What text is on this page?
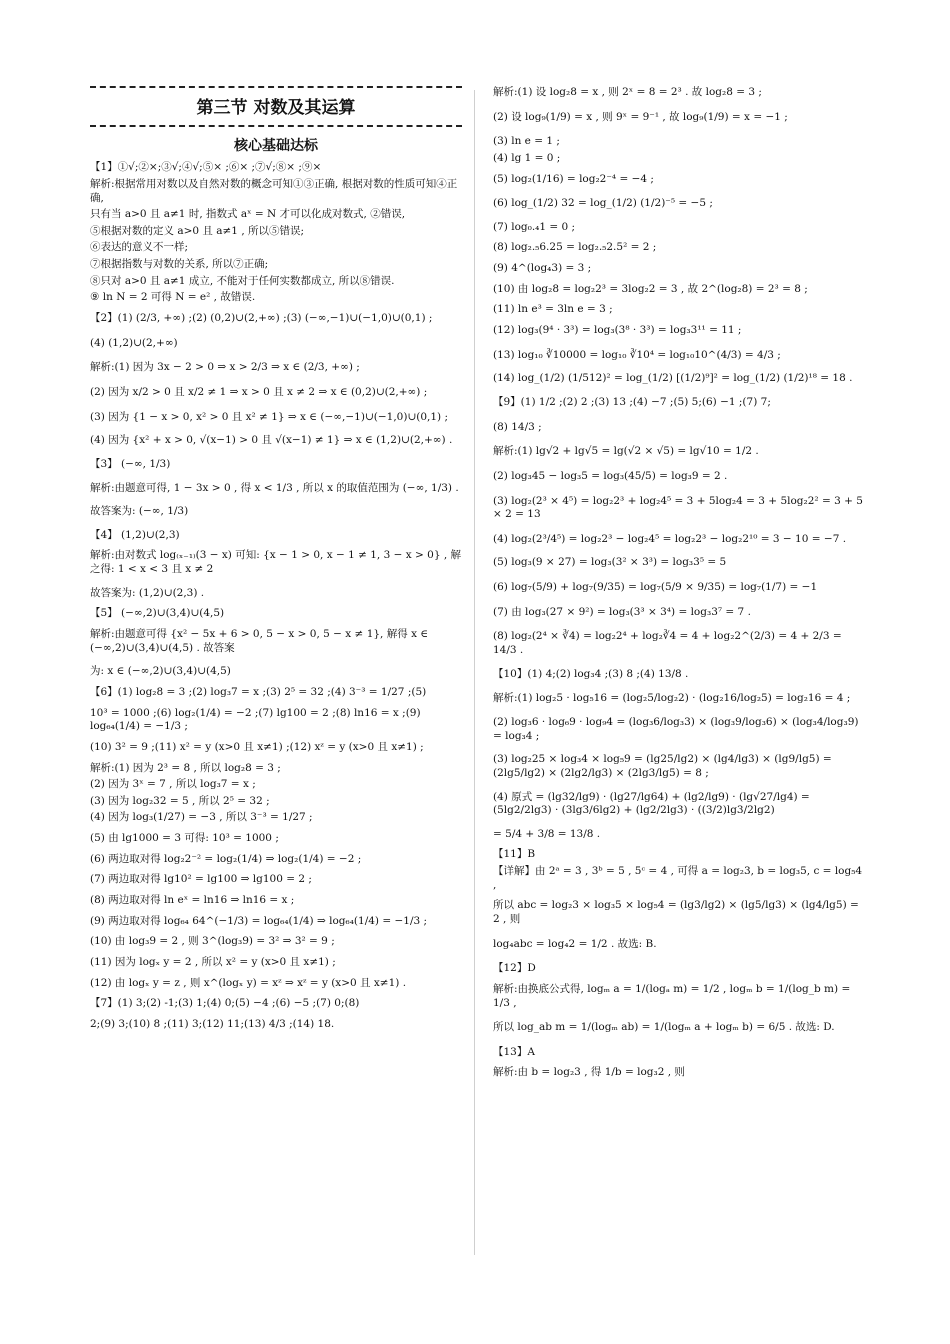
第三节 对数及其运算
核心基础达标
【1】①√;②×;③√;④√;⑤× ;⑥× ;⑦√;⑧× ;⑨×
解析:根据常用对数以及自然对数的概念可知①③正确, 根据对数的性质可知④正确,
只有当 a>0 且 a≠1 时, 指数式 aˣ = N 才可以化成对数式, ②错误,
⑤根据对数的定义 a>0 且 a≠1 , 所以⑤错误;
⑥表达的意义不一样;
⑦根据指数与对数的关系, 所以⑦正确;
⑧只对 a>0 且 a≠1 成立, 不能对于任何实数都成立, 所以⑧错误.
⑨ ln N = 2 可得 N = e² , 故错误.
【2】(1) (2/3, +∞) ;(2) (0,2)∪(2,+∞) ;(3) (−∞,−1)∪(−1,0)∪(0,1) ;
(4) (1,2)∪(2,+∞)
解析:(1) 因为 3x − 2 > 0 ⇒ x > 2/3 ⇒ x ∈ (2/3, +∞) ;
(2) 因为 x/2 > 0 且 x/2 ≠ 1 ⇒ x > 0 且 x ≠ 2 ⇒ x ∈ (0,2)∪(2,+∞) ;
(3) 因为 {1 − x > 0, x² > 0 且 x² ≠ 1} ⇒ x ∈ (−∞,−1)∪(−1,0)∪(0,1) ;
(4) 因为 {x² + x > 0, √(x−1) > 0 且 √(x−1) ≠ 1} ⇒ x ∈ (1,2)∪(2,+∞) .
【3】 (−∞, 1/3)
解析:由题意可得, 1 − 3x > 0 , 得 x < 1/3 , 所以 x 的取值范围为 (−∞, 1/3) .
故答案为: (−∞, 1/3)
【4】 (1,2)∪(2,3)
解析:由对数式 log₍ₓ₋₁₎(3 − x) 可知: {x − 1 > 0, x − 1 ≠ 1, 3 − x > 0} , 解之得: 1 < x < 3 且 x ≠ 2
故答案为: (1,2)∪(2,3) .
【5】 (−∞,2)∪(3,4)∪(4,5)
解析:由题意可得 {x² − 5x + 6 > 0, 5 − x > 0, 5 − x ≠ 1}, 解得 x ∈ (−∞,2)∪(3,4)∪(4,5) . 故答案
为: x ∈ (−∞,2)∪(3,4)∪(4,5)
【6】(1) log₂8 = 3 ;(2) log₃7 = x ;(3) 2⁵ = 32 ;(4) 3⁻³ = 1/27 ;(5)
10³ = 1000 ;(6) log₂(1/4) = −2 ;(7) lg100 = 2 ;(8) ln16 = x ;(9) log₆₄(1/4) = −1/3 ;
(10) 3² = 9 ;(11) x² = y (x>0 且 x≠1) ;(12) xᶻ = y (x>0 且 x≠1) ;
解析:(1) 因为 2³ = 8 , 所以 log₂8 = 3 ;
(2) 因为 3ˣ = 7 , 所以 log₃7 = x ;
(3) 因为 log₂32 = 5 , 所以 2⁵ = 32 ;
(4) 因为 log₃(1/27) = −3 , 所以 3⁻³ = 1/27 ;
(5) 由 lg1000 = 3 可得: 10³ = 1000 ;
(6) 两边取对得 log₂2⁻² = log₂(1/4) ⇒ log₂(1/4) = −2 ;
(7) 两边取对得 lg10² = lg100 ⇒ lg100 = 2 ;
(8) 两边取对得 ln eˣ = ln16 ⇒ ln16 = x ;
(9) 两边取对得 log₆₄ 64^(−1/3) = log₆₄(1/4) ⇒ log₆₄(1/4) = −1/3 ;
(10) 由 log₃9 = 2 , 则 3^(log₃9) = 3² ⇒ 3² = 9 ;
(11) 因为 logₓ y = 2 , 所以 x² = y (x>0 且 x≠1) ;
(12) 由 logₓ y = z , 则 x^(logₓ y) = xᶻ ⇒ xᶻ = y (x>0 且 x≠1) .
【7】(1) 3;(2) -1;(3) 1;(4) 0;(5) −4 ;(6) −5 ;(7) 0;(8)
2;(9) 3;(10) 8 ;(11) 3;(12) 11;(13) 4/3 ;(14) 18.
解析:(1) 设 log₂8 = x , 则 2ˣ = 8 = 2³ . 故 log₂8 = 3 ;
(2) 设 log₉(1/9) = x , 则 9ˣ = 9⁻¹ , 故 log₉(1/9) = x = −1 ;
(3) ln e = 1 ;
(4) lg 1 = 0 ;
(5) log₂(1/16) = log₂2⁻⁴ = −4 ;
(6) log_(1/2) 32 = log_(1/2) (1/2)⁻⁵ = −5 ;
(7) log₀.₄1 = 0 ;
(8) log₂.₅6.25 = log₂.₅2.5² = 2 ;
(9) 4^(log₄3) = 3 ;
(10) 由 log₂8 = log₂2³ = 3log₂2 = 3 , 故 2^(log₂8) = 2³ = 8 ;
(11) ln e³ = 3ln e = 3 ;
(12) log₃(9⁴ · 3³) = log₃(3⁸ · 3³) = log₃3¹¹ = 11 ;
(13) log₁₀ ∛10000 = log₁₀ ∛10⁴ = log₁₀10^(4/3) = 4/3 ;
(14) log_(1/2) (1/512)² = log_(1/2) [(1/2)⁹]² = log_(1/2) (1/2)¹⁸ = 18 .
【9】(1) 1/2 ;(2) 2 ;(3) 13 ;(4) −7 ;(5) 5;(6) −1 ;(7) 7;
(8) 14/3 ;
解析:(1) lg√2 + lg√5 = lg(√2 × √5) = lg√10 = 1/2 .
(2) log₃45 − log₃5 = log₃(45/5) = log₃9 = 2 .
(3) log₂(2³ × 4⁵) = log₂2³ + log₂4⁵ = 3 + 5log₂4 = 3 + 5log₂2² = 3 + 5 × 2 = 13
(4) log₂(2³/4⁵) = log₂2³ − log₂4⁵ = log₂2³ − log₂2¹⁰ = 3 − 10 = −7 .
(5) log₃(9 × 27) = log₃(3² × 3³) = log₃3⁵ = 5
(6) log₇(5/9) + log₇(9/35) = log₇(5/9 × 9/35) = log₇(1/7) = −1
(7) 由 log₃(27 × 9²) = log₃(3³ × 3⁴) = log₃3⁷ = 7 .
(8) log₂(2⁴ × ∛4) = log₂2⁴ + log₂∛4 = 4 + log₂2^(2/3) = 4 + 2/3 = 14/3 .
【10】(1) 4;(2) log₃4 ;(3) 8 ;(4) 13/8 .
解析:(1) log₂5 · log₅16 = (log₂5/log₂2) · (log₂16/log₂5) = log₂16 = 4 ;
(2) log₃6 · log₆9 · log₉4 = (log₃6/log₃3) × (log₃9/log₃6) × (log₃4/log₃9) = log₃4 ;
(3) log₂25 × log₃4 × log₅9 = (lg25/lg2) × (lg4/lg3) × (lg9/lg5) = (2lg5/lg2) × (2lg2/lg3) × (2lg3/lg5) = 8 ;
(4) 原式 = (lg32/lg9) · (lg27/lg64) + (lg2/lg9) · (lg√27/lg4) = (5lg2/2lg3) · (3lg3/6lg2) + (lg2/2lg3) · ((3/2)lg3/2lg2)
= 5/4 + 3/8 = 13/8 .
【11】B
【详解】由 2ᵃ = 3 , 3ᵇ = 5 , 5ᶜ = 4 , 可得 a = log₂3, b = log₃5, c = log₅4 ,
所以 abc = log₂3 × log₃5 × log₅4 = (lg3/lg2) × (lg5/lg3) × (lg4/lg5) = 2 , 则
log₄abc = log₄2 = 1/2 . 故选: B.
【12】D
解析:由换底公式得, logₘ a = 1/(logₐ m) = 1/2 , logₘ b = 1/(log_b m) = 1/3 ,
所以 log_ab m = 1/(logₘ ab) = 1/(logₘ a + logₘ b) = 6/5 . 故选: D.
【13】A
解析:由 b = log₂3 , 得 1/b = log₃2 , 则
